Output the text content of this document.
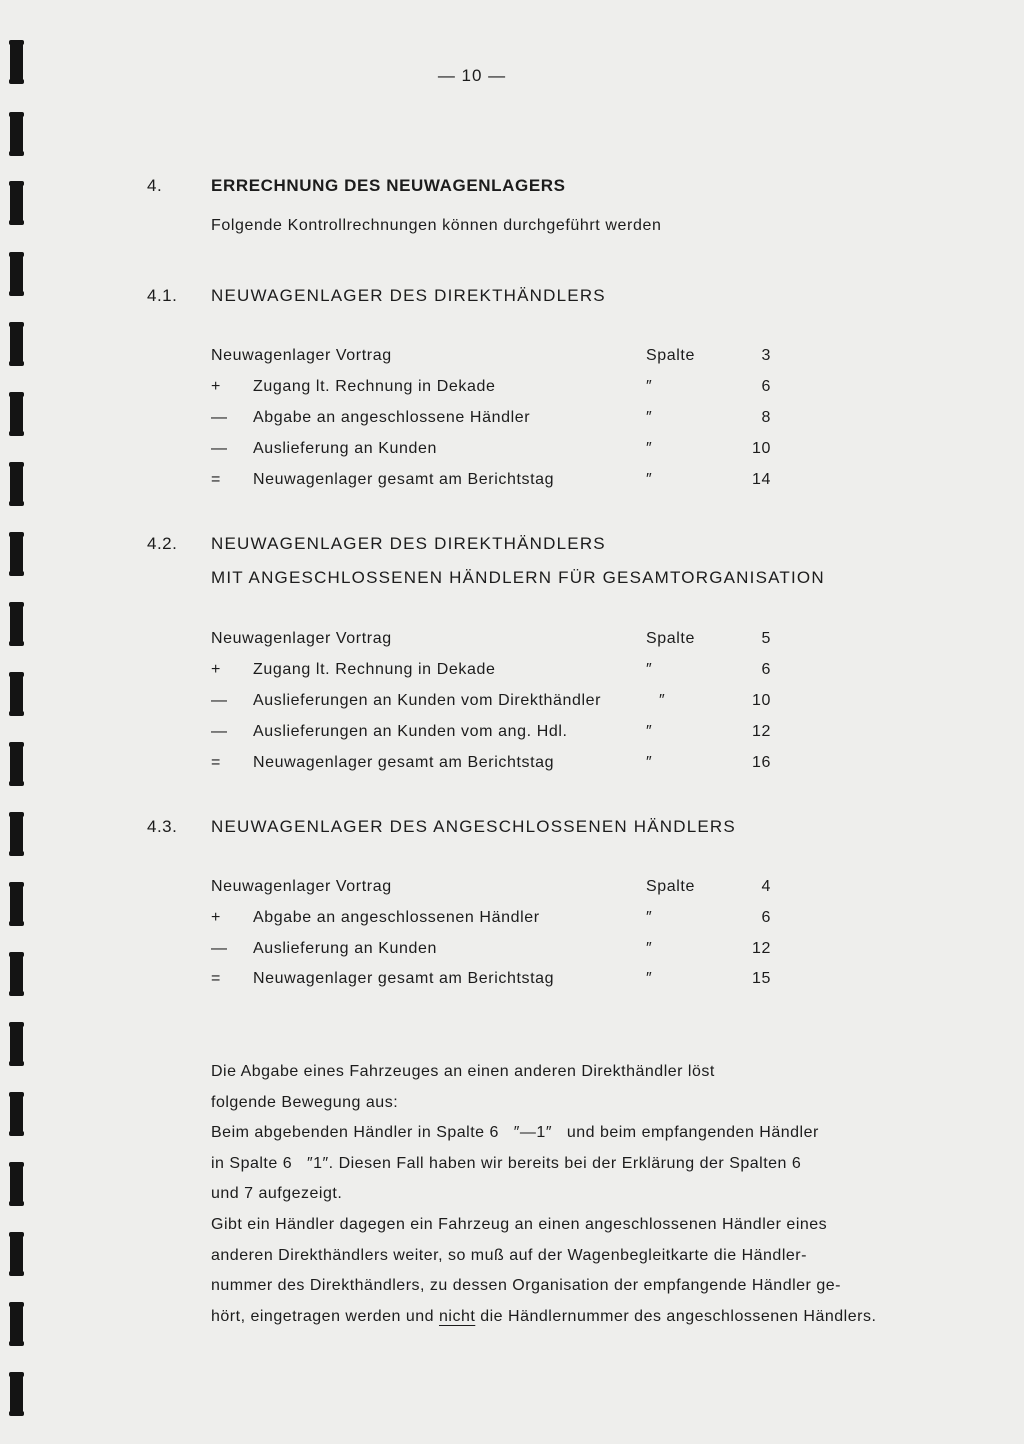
— 10 —
4.	ERRECHNUNG DES NEUWAGENLAGERS
Folgende Kontrollrechnungen können durchgeführt werden
4.1. NEUWAGENLAGER DES DIREKTHÄNDLERS
Neuwagenlager Vortrag	Spalte	3
+	Zugang lt. Rechnung in Dekade	″	6
— Abgabe an angeschlossene Händler	″	8
— Auslieferung an Kunden	″	10
=	Neuwagenlager gesamt am Berichtstag	″	14
4.2. NEUWAGENLAGER DES DIREKTHÄNDLERS
MIT ANGESCHLOSSENEN HÄNDLERN FÜR GESAMTORGANISATION
Neuwagenlager Vortrag	Spalte	5
+	Zugang lt. Rechnung in Dekade	″	6
— Auslieferungen an Kunden vom Direkthändler	″	10
— Auslieferungen an Kunden vom ang. Hdl.	″	12
=	Neuwagenlager gesamt am Berichtstag	″	16
4.3. NEUWAGENLAGER DES ANGESCHLOSSENEN HÄNDLERS
Neuwagenlager Vortrag	Spalte	4
+	Abgabe an angeschlossenen Händler	″	6
— Auslieferung an Kunden	″	12
=	Neuwagenlager gesamt am Berichtstag	″	15
Die Abgabe eines Fahrzeuges an einen anderen Direkthändler löst
folgende Bewegung aus:
Beim abgebenden Händler in Spalte 6   ″—1″   und beim empfangenden Händler
in Spalte 6   ″1″. Diesen Fall haben wir bereits bei der Erklärung der Spalten 6
und 7 aufgezeigt.
Gibt ein Händler dagegen ein Fahrzeug an einen angeschlossenen Händler eines
anderen Direkthändlers weiter, so muß auf der Wagenbegleitkarte die Händler-
nummer des Direkthändlers, zu dessen Organisation der empfangende Händler ge-
hört, eingetragen werden und nicht die Händlernummer des angeschlossenen Händlers.
